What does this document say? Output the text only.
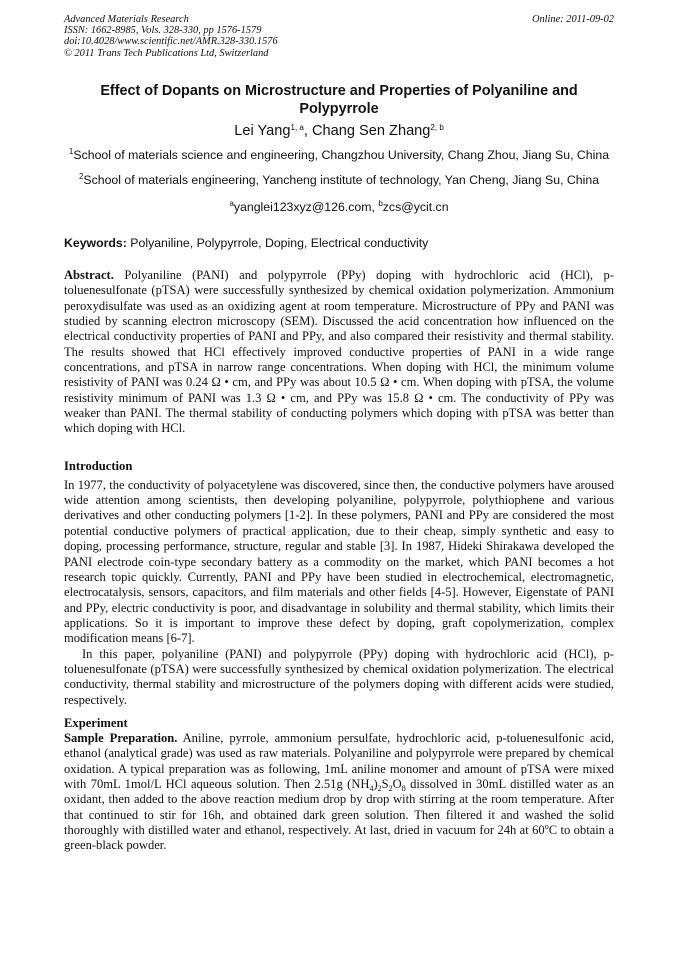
Advanced Materials Research
ISSN: 1662-8985, Vols. 328-330, pp 1576-1579
doi:10.4028/www.scientific.net/AMR.328-330.1576
© 2011 Trans Tech Publications Ltd, Switzerland
Online: 2011-09-02
Effect of Dopants on Microstructure and Properties of Polyaniline and Polypyrrole
Lei Yang$^{1, a}$, Chang Sen Zhang$^{2, b}$
$^1$School of materials science and engineering, Changzhou University, Chang Zhou, Jiang Su, China
$^2$School of materials engineering, Yancheng institute of technology, Yan Cheng, Jiang Su, China
$^a$yanglei123xyz@126.com, $^b$zcs@ycit.cn
Keywords: Polyaniline, Polypyrrole, Doping, Electrical conductivity

Abstract. Polyaniline (PANI) and polypyrrole (PPy) doping with hydrochloric acid (HCl), p-toluenesulfonate (pTSA) were successfully synthesized by chemical oxidation polymerization. Ammonium peroxydisulfate was used as an oxidizing agent at room temperature. Microstructure of PPy and PANI was studied by scanning electron microscopy (SEM). Discussed the acid concentration how influenced on the electrical conductivity properties of PANI and PPy, and also compared their resistivity and thermal stability. The results showed that HCl effectively improved conductive properties of PANI in a wide range concentrations, and pTSA in narrow range concentrations. When doping with HCl, the minimum volume resistivity of PANI was 0.24 Ω • cm, and PPy was about 10.5 Ω • cm. When doping with pTSA, the volume resistivity minimum of PANI was 1.3 Ω • cm, and PPy was 15.8 Ω • cm. The conductivity of PPy was weaker than PANI. The thermal stability of conducting polymers which doping with pTSA was better than which doping with HCl.

Introduction

In 1977, the conductivity of polyacetylene was discovered, since then, the conductive polymers have aroused wide attention among scientists, then developing polyaniline, polypyrrole, polythiophene and various derivatives and other conducting polymers [1-2]. In these polymers, PANI and PPy are considered the most potential conductive polymers of practical application, due to their cheap, simply synthetic and easy to doping, processing performance, structure, regular and stable [3]. In 1987, Hideki Shirakawa developed the PANI electrode coin-type secondary battery as a commodity on the market, which PANI becomes a hot research topic quickly. Currently, PANI and PPy have been studied in electrochemical, electromagnetic, electrocatalysis, sensors, capacitors, and film materials and other fields [4-5]. However, Eigenstate of PANI and PPy, electric conductivity is poor, and disadvantage in solubility and thermal stability, which limits their applications. So it is important to improve these defect by doping, graft copolymerization, complex modification means [6-7].

In this paper, polyaniline (PANI) and polypyrrole (PPy) doping with hydrochloric acid (HCl), p-toluenesulfonate (pTSA) were successfully synthesized by chemical oxidation polymerization. The electrical conductivity, thermal stability and microstructure of the polymers doping with different acids were studied, respectively.

Experiment

Sample Preparation. Aniline, pyrrole, ammonium persulfate, hydrochloric acid, p-toluenesulfonic acid, ethanol (analytical grade) was used as raw materials. Polyaniline and polypyrrole were prepared by chemical oxidation. A typical preparation was as following, 1mL aniline monomer and amount of pTSA were mixed with 70mL 1mol/L HCl aqueous solution. Then 2.51g $(NH_4)_2S_2O_8$ dissolved in 30mL distilled water as an oxidant, then added to the above reaction medium drop by drop with stirring at the room temperature. After that continued to stir for 16h, and obtained dark green solution. Then filtered it and washed the solid thoroughly with distilled water and ethanol, respectively. At last, dried in vacuum for 24h at 60$^o$C to obtain a green-black powder.
